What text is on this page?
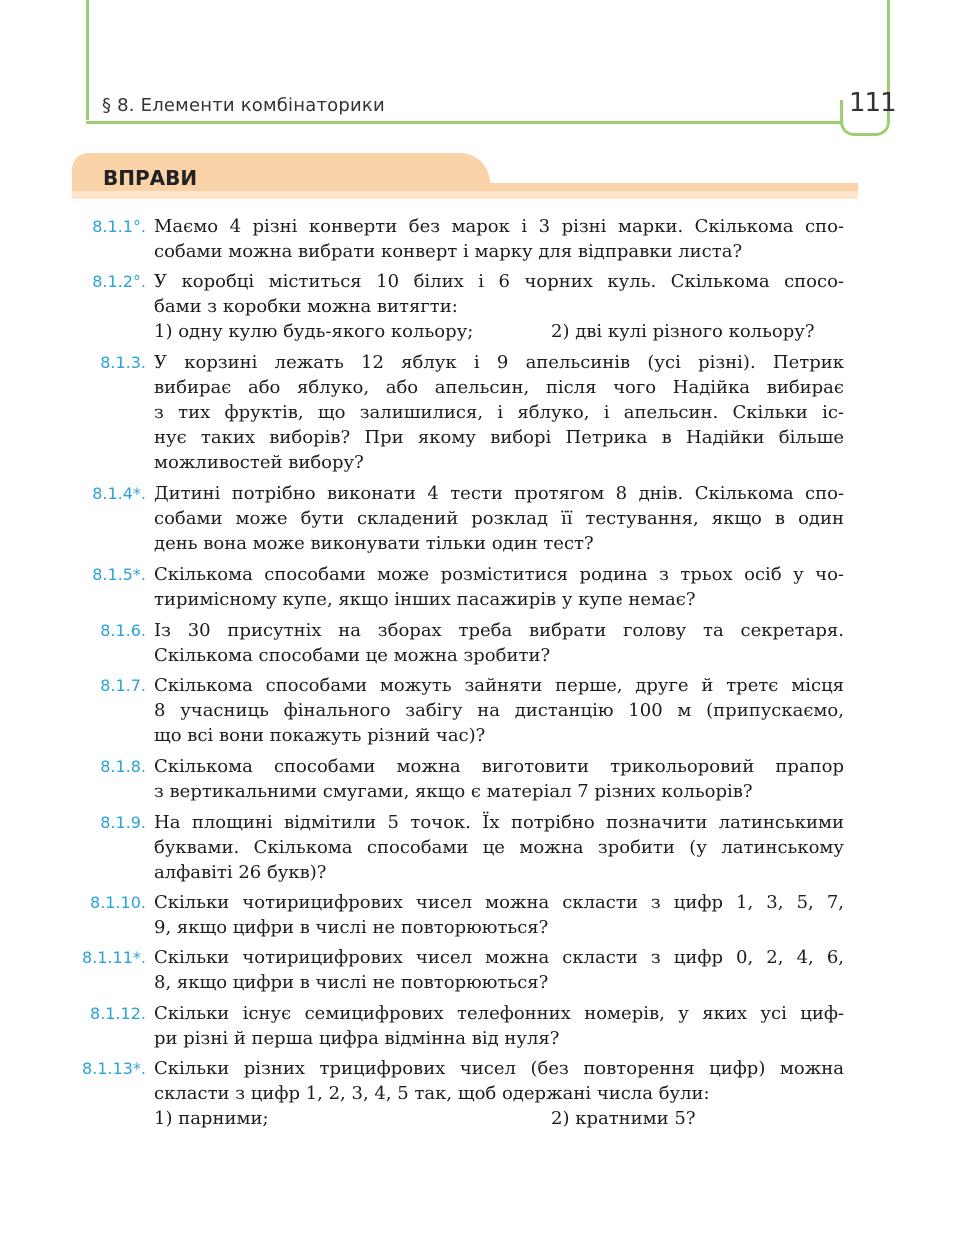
§ 8. Елементи комбінаторики	111
ВПРАВИ
8.1.1°. Маємо 4 різні конверти без марок і 3 різні марки. Скількома спо-
собами можна вибрати конверт і марку для відправки листа?
8.1.2°. У коробці міститься 10 білих і 6 чорних куль. Скількома спосо-
бами з коробки можна витягти:
1) одну кулю будь-якого кольору;	2) дві кулі різного кольору?
8.1.3. У корзині лежать 12 яблук і 9 апельсинів (усі різні). Петрик
вибирає або яблуко, або апельсин, після чого Надійка вибирає
з тих фруктів, що залишилися, і яблуко, і апельсин. Скільки іс-
нує таких виборів? При якому виборі Петрика в Надійки більше
можливостей вибору?
8.1.4*. Дитині потрібно виконати 4 тести протягом 8 днів. Скількома спо-
собами може бути складений розклад її тестування, якщо в один
день вона може виконувати тільки один тест?
8.1.5*. Скількома способами може розміститися родина з трьох осіб у чо-
тиримісному купе, якщо інших пасажирів у купе немає?
8.1.6. Із 30 присутніх на зборах треба вибрати голову та секретаря.
Скількома способами це можна зробити?
8.1.7. Скількома способами можуть зайняти перше, друге й третє місця
8 учасниць фінального забігу на дистанцію 100 м (припускаємо,
що всі вони покажуть різний час)?
8.1.8. Скількома способами можна виготовити трикольоровий прапор
з вертикальними смугами, якщо є матеріал 7 різних кольорів?
8.1.9. На площині відмітили 5 точок. Їх потрібно позначити латинськими
буквами. Скількома способами це можна зробити (у латинському
алфавіті 26 букв)?
8.1.10. Скільки чотирицифрових чисел можна скласти з цифр 1, 3, 5, 7,
9, якщо цифри в числі не повторюються?
8.1.11*. Скільки чотирицифрових чисел можна скласти з цифр 0, 2, 4, 6,
8, якщо цифри в числі не повторюються?
8.1.12. Скільки існує семицифрових телефонних номерів, у яких усі циф-
ри різні й перша цифра відмінна від нуля?
8.1.13*. Скільки різних трицифрових чисел (без повторення цифр) можна
скласти з цифр 1, 2, 3, 4, 5 так, щоб одержані числа були:
1) парними;	2) кратними 5?
